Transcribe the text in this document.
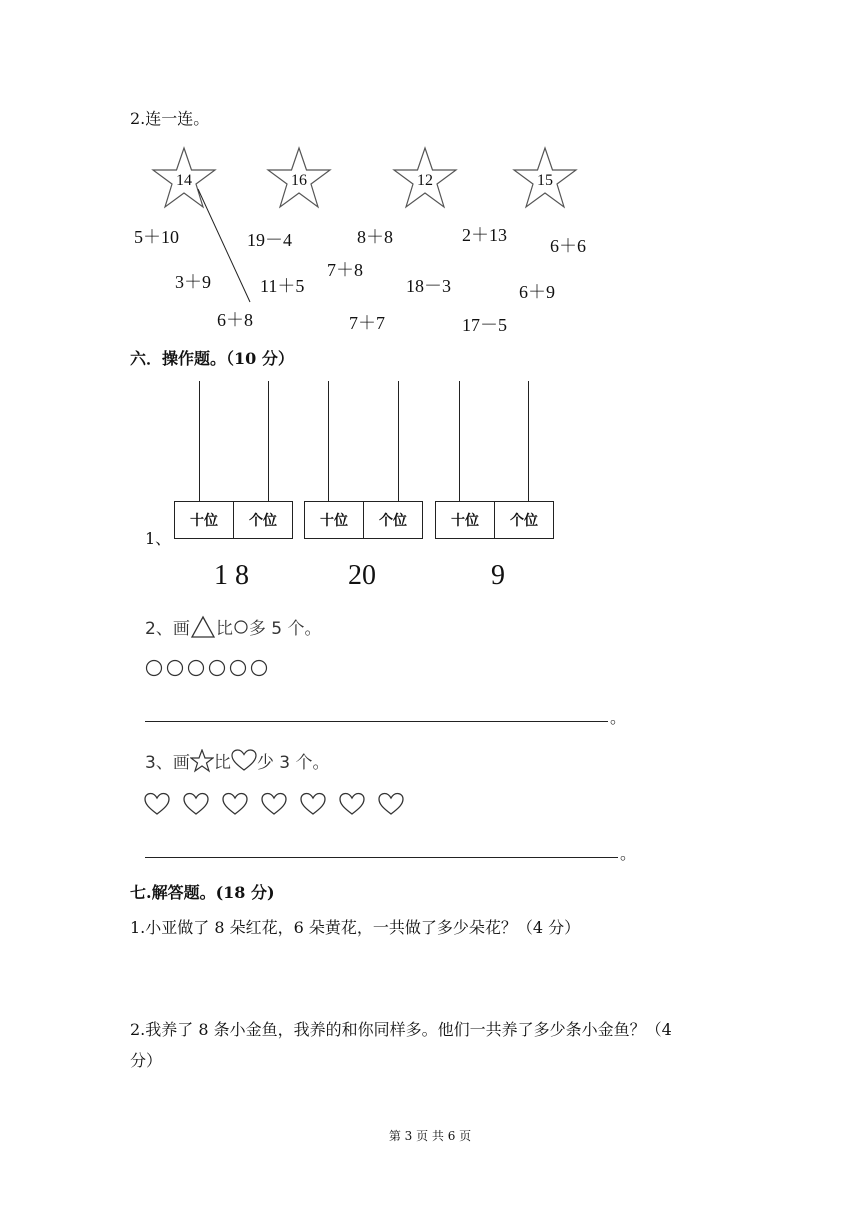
2.连一连。
14	16	12	15
5＋10	19－4	8＋8	2＋13
6＋6
3＋9	11＋5
7＋8
18－3	6＋9
6＋8	7＋7	17－5
六．操作题。（10 分）
1、
十位	个位	十位	个位	十位	个位
1 8	20	9
2、画 比 多 5 个。
。
3、画 比 少 3 个。
。
七.解答题。(18 分)
1.小亚做了 8 朵红花，6 朵黄花，一共做了多少朵花？（4 分）
2.我养了 8 条小金鱼，我养的和你同样多。他们一共养了多少条小金鱼？（4
分）
第 3 页 共 6 页
